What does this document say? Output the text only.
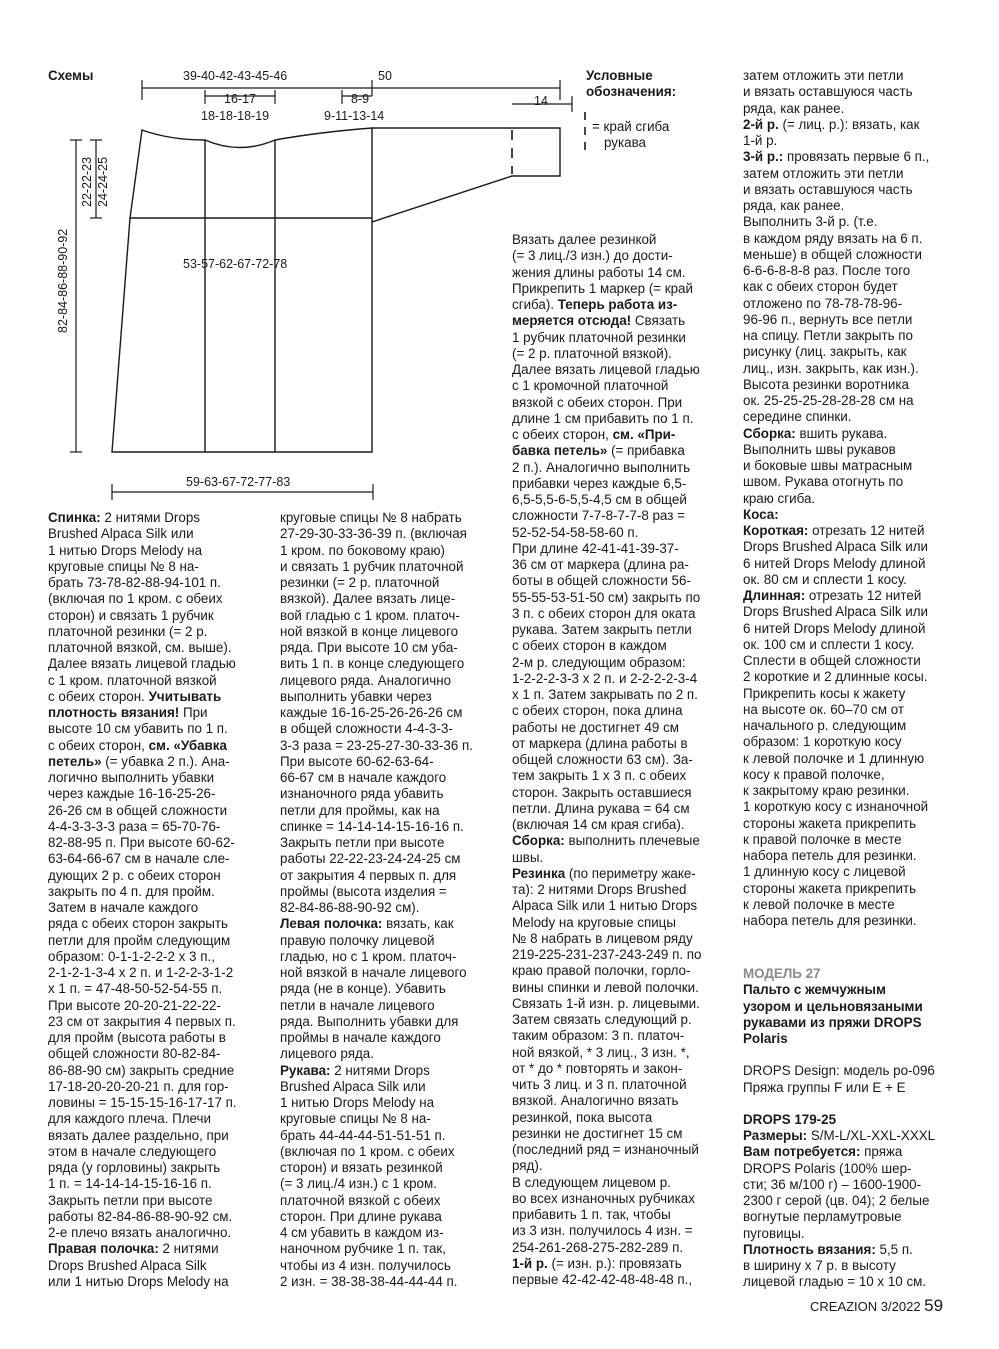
Схемы	39-40-42-43-45-46	50
14
16-17
18-18-18-19
8-9
9-11-13-14
53-57-62-67-72-78
59-63-67-72-77-83
22-22-23 24-24-25
82-84-86-88-90-92
Условные
обозначения:
= край сгиба
рукава

Спинка: 2 нитями Drops

Brushed Alpaca Silk или

1 нитью Drops Melody на

круговые спицы № 8 на-

брать 73-78-82-88-94-101 п.

(включая по 1 кром. с обеих

сторон) и связать 1 рубчик

платочной резинки (= 2 р.

платочной вязкой, см. выше).

Далее вязать лицевой гладью

с 1 кром. платочной вязкой

с обеих сторон. Учитывать

плотность вязания! При

высоте 10 см убавить по 1 п.

с обеих сторон, см. «Убавка

петель» (= убавка 2 п.). Ана-

логично выполнить убавки

через каждые 16-16-25-26-

26-26 см в общей сложности

4-4-3-3-3-3 раза = 65-70-76-

82-88-95 п. При высоте 60-62-

63-64-66-67 см в начале сле-

дующих 2 р. с обеих сторон

закрыть по 4 п. для пройм.

Затем в начале каждого

ряда с обеих сторон закрыть

петли для пройм следующим

образом: 0-1-1-2-2-2 х 3 п.,

2-1-2-1-3-4 х 2 п. и 1-2-2-3-1-2

х 1 п. = 47-48-50-52-54-55 п.

При высоте 20-20-21-22-22-

23 см от закрытия 4 первых п.

для пройм (высота работы в

общей сложности 80-82-84-

86-88-90 см) закрыть средние

17-18-20-20-20-21 п. для гор-

ловины = 15-15-15-16-17-17 п.

для каждого плеча. Плечи

вязать далее раздельно, при

этом в начале следующего

ряда (у горловины) закрыть

1 п. = 14-14-14-15-16-16 п.

Закрыть петли при высоте

работы 82-84-86-88-90-92 см.

2-е плечо вязать аналогично.

Правая полочка: 2 нитями

Drops Brushed Alpaca Silk

или 1 нитью Drops Melody на

круговые спицы № 8 набрать

27-29-30-33-36-39 п. (включая

1 кром. по боковому краю)

и связать 1 рубчик платочной

резинки (= 2 р. платочной

вязкой). Далее вязать лице-

вой гладью с 1 кром. платоч-

ной вязкой в конце лицевого

ряда. При высоте 10 см уба-

вить 1 п. в конце следующего

лицевого ряда. Аналогично

выполнить убавки через

каждые 16-16-25-26-26-26 см

в общей сложности 4-4-3-3-

3-3 раза = 23-25-27-30-33-36 п.

При высоте 60-62-63-64-

66-67 см в начале каждого

изнаночного ряда убавить

петли для проймы, как на

спинке = 14-14-14-15-16-16 п.

Закрыть петли при высоте

работы 22-22-23-24-24-25 см

от закрытия 4 первых п. для

проймы (высота изделия =

82-84-86-88-90-92 см).

Левая полочка: вязать, как

правую полочку лицевой

гладью, но с 1 кром. платоч-

ной вязкой в начале лицевого

ряда (не в конце). Убавить

петли в начале лицевого

ряда. Выполнить убавки для

проймы в начале каждого

лицевого ряда.

Рукава: 2 нитями Drops

Brushed Alpaca Silk или

1 нитью Drops Melody на

круговые спицы № 8 на-

брать 44-44-44-51-51-51 п.

(включая по 1 кром. с обеих

сторон) и вязать резинкой

(= 3 лиц./4 изн.) с 1 кром.

платочной вязкой с обеих

сторон. При длине рукава

4 см убавить в каждом из-

наночном рубчике 1 п. так,

чтобы из 4 изн. получилось

2 изн. = 38-38-38-44-44-44 п.

Вязать далее резинкой

(= 3 лиц./3 изн.) до дости-

жения длины работы 14 см.

Прикрепить 1 маркер (= край

сгиба). Теперь работа из-

меряется отсюда! Связать

1 рубчик платочной резинки

(= 2 р. платочной вязкой).

Далее вязать лицевой гладью

с 1 кромочной платочной

вязкой с обеих сторон. При

длине 1 см прибавить по 1 п.

с обеих сторон, см. «При-

бавка петель» (= прибавка

2 п.). Аналогично выполнить

прибавки через каждые 6,5-

6,5-5,5-6-5,5-4,5 см в общей

сложности 7-7-8-7-7-8 раз =

52-52-54-58-58-60 п.

При длине 42-41-41-39-37-

36 см от маркера (длина ра-

боты в общей сложности 56-

55-55-53-51-50 см) закрыть по

3 п. с обеих сторон для оката

рукава. Затем закрыть петли

с обеих сторон в каждом

2-м р. следующим образом:

1-2-2-2-3-3 х 2 п. и 2-2-2-2-3-4

х 1 п. Затем закрывать по 2 п.

с обеих сторон, пока длина

работы не достигнет 49 см

от маркера (длина работы в

общей сложности 63 см). За-

тем закрыть 1 х 3 п. с обеих

сторон. Закрыть оставшиеся

петли. Длина рукава = 64 см

(включая 14 см края сгиба).

Сборка: выполнить плечевые

швы.

Резинка (по периметру жаке-

та): 2 нитями Drops Brushed

Alpaca Silk или 1 нитью Drops

Melody на круговые спицы

№ 8 набрать в лицевом ряду

219-225-231-237-243-249 п. по

краю правой полочки, горло-

вины спинки и левой полочки.

Связать 1-й изн. р. лицевыми.

Затем связать следующий р.

таким образом: 3 п. платоч-

ной вязкой, * 3 лиц., 3 изн. *,

от * до * повторять и закон-

чить 3 лиц. и 3 п. платочной

вязкой. Аналогично вязать

резинкой, пока высота

резинки не достигнет 15 см

(последний ряд = изнаночный

ряд).

В следующем лицевом р.

во всех изнаночных рубчиках

прибавить 1 п. так, чтобы

из 3 изн. получилось 4 изн. =

254-261-268-275-282-289 п.

1-й р. (= изн. р.): провязать

первые 42-42-42-48-48-48 п.,

затем отложить эти петли

и вязать оставшуюся часть

ряда, как ранее.

2-й р. (= лиц. р.): вязать, как

1-й р.

3-й р.: провязать первые 6 п.,

затем отложить эти петли

и вязать оставшуюся часть

ряда, как ранее.

Выполнить 3-й р. (т.е.

в каждом ряду вязать на 6 п.

меньше) в общей сложности

6-6-6-8-8-8 раз. После того

как с обеих сторон будет

отложено по 78-78-78-96-

96-96 п., вернуть все петли

на спицу. Петли закрыть по

рисунку (лиц. закрыть, как

лиц., изн. закрыть, как изн.).

Высота резинки воротника

ок. 25-25-25-28-28-28 см на

середине спинки.

Сборка: вшить рукава.

Выполнить швы рукавов

и боковые швы матрасным

швом. Рукава отогнуть по

краю сгиба.

Коса:

Короткая: отрезать 12 нитей

Drops Brushed Alpaca Silk или

6 нитей Drops Melody длиной

ок. 80 см и сплести 1 косу.

Длинная: отрезать 12 нитей

Drops Brushed Alpaca Silk или

6 нитей Drops Melody длиной

ок. 100 см и сплести 1 косу.

Сплести в общей сложности

2 короткие и 2 длинные косы.

Прикрепить косы к жакету

на высоте ок. 60–70 см от

начального р. следующим

образом: 1 короткую косу

к левой полочке и 1 длинную

косу к правой полочке,

к закрытому краю резинки.

1 короткую косу с изнаночной

стороны жакета прикрепить

к правой полочке в месте

набора петель для резинки.

1 длинную косу с лицевой

стороны жакета прикрепить

к левой полочке в месте

набора петель для резинки.

МОДЕЛЬ 27

Пальто с жемчужным

узором и цельновязаными

рукавами из пряжи DROPS

Polaris

DROPS Design: модель po-096

Пряжа группы F или E + E

DROPS 179-25

Размеры: S/M-L/XL-XXL-XXXL

Вам потребуется: пряжа

DROPS Polaris (100% шер-

сти; 36 м/100 г) – 1600-1900-

2300 г серой (цв. 04); 2 белые

вогнутые перламутровые

пуговицы.

Плотность вязания: 5,5 п.

в ширину х 7 р. в высоту

лицевой гладью = 10 х 10 см.

CREAZION 3/2022 59
